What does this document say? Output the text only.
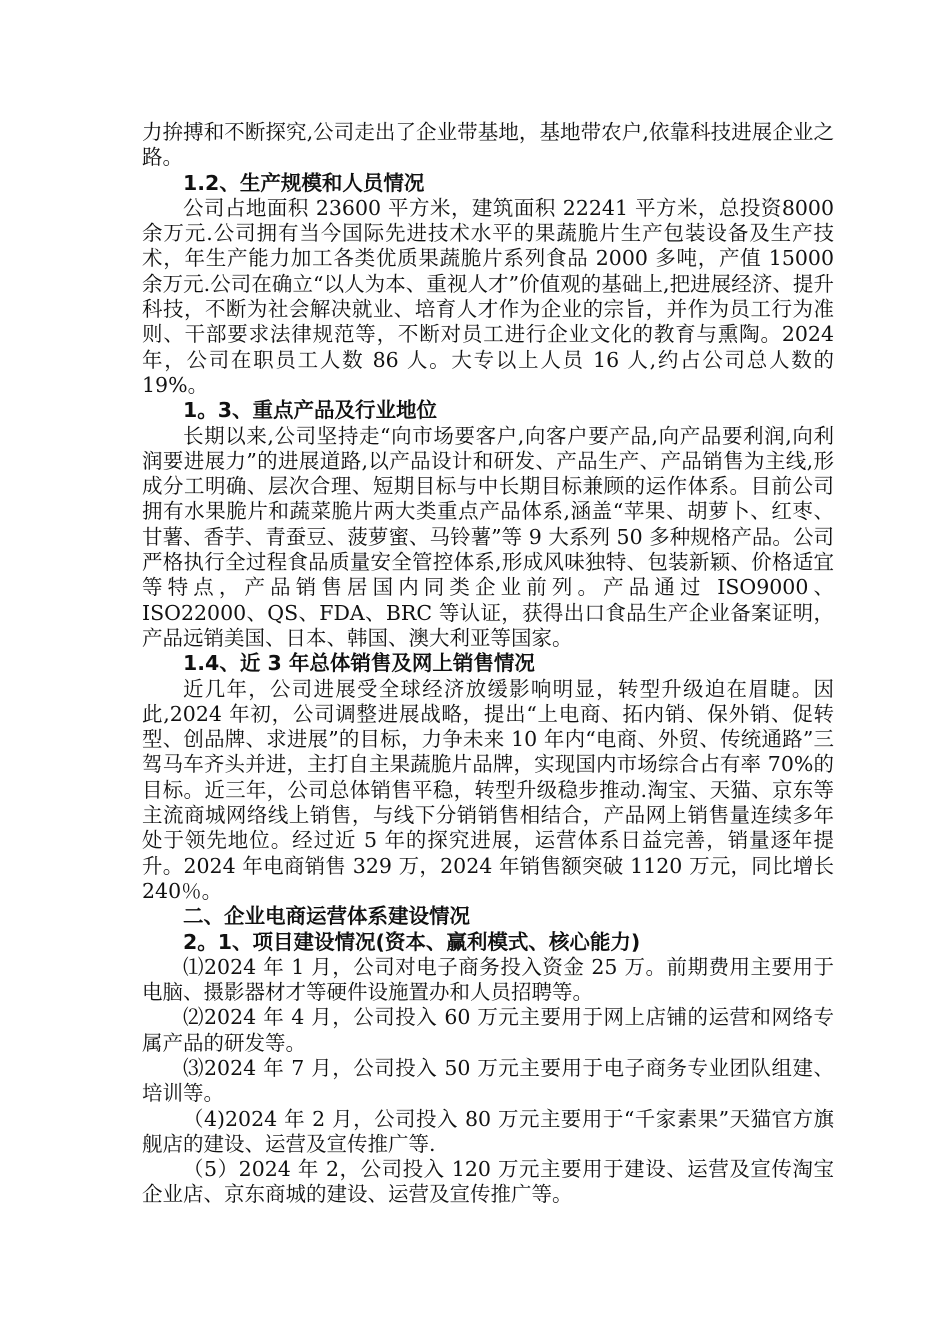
力拚搏和不断探究,公司走出了企业带基地，基地带农户,依靠科技进展企业之路。

1.2、生产规模和人员情况

公司占地面积 23600 平方米，建筑面积 22241 平方米，总投资8000 余万元.公司拥有当今国际先进技术水平的果蔬脆片生产包装设备及生产技术，年生产能力加工各类优质果蔬脆片系列食品 2000 多吨，产值 15000 余万元.公司在确立“以人为本、重视人才”价值观的基础上,把进展经济、提升科技，不断为社会解决就业、培育人才作为企业的宗旨，并作为员工行为准则、干部要求法律规范等，不断对员工进行企业文化的教育与熏陶。2024 年，公司在职员工人数 86 人。大专以上人员 16 人,约占公司总人数的 19%。

1。3、重点产品及行业地位

长期以来,公司坚持走“向市场要客户,向客户要产品,向产品要利润,向利润要进展力”的进展道路,以产品设计和研发、产品生产、产品销售为主线,形成分工明确、层次合理、短期目标与中长期目标兼顾的运作体系。目前公司拥有水果脆片和蔬菜脆片两大类重点产品体系,涵盖“苹果、胡萝卜、红枣、甘薯、香芋、青蚕豆、菠萝蜜、马铃薯”等 9 大系列 50 多种规格产品。公司严格执行全过程食品质量安全管控体系,形成风味独特、包装新颖、价格适宜等特点，产品销售居国内同类企业前列。产品通过 ISO9000、ISO22000、QS、FDA、BRC 等认证，获得出口食品生产企业备案证明，产品远销美国、日本、韩国、澳大利亚等国家。

1.4、近 3 年总体销售及网上销售情况

近几年，公司进展受全球经济放缓影响明显，转型升级迫在眉睫。因此,2024 年初，公司调整进展战略，提出“上电商、拓内销、保外销、促转型、创品牌、求进展”的目标，力争未来 10 年内“电商、外贸、传统通路”三驾马车齐头并进，主打自主果蔬脆片品牌，实现国内市场综合占有率 70%的目标。近三年，公司总体销售平稳，转型升级稳步推动.淘宝、天猫、京东等主流商城网络线上销售，与线下分销销售相结合，产品网上销售量连续多年处于领先地位。经过近 5 年的探究进展，运营体系日益完善，销量逐年提升。2024 年电商销售 329 万，2024 年销售额突破 1120 万元，同比增长 240％。

二、企业电商运营体系建设情况

2。1、项目建设情况(资本、赢利模式、核心能力)

⑴2024 年 1 月，公司对电子商务投入资金 25 万。前期费用主要用于电脑、摄影器材才等硬件设施置办和人员招聘等。

⑵2024 年 4 月，公司投入 60 万元主要用于网上店铺的运营和网络专属产品的研发等。

⑶2024 年 7 月，公司投入 50 万元主要用于电子商务专业团队组建、培训等。

（4)2024 年 2 月，公司投入 80 万元主要用于“千家素果”天猫官方旗舰店的建设、运营及宣传推广等.

（5）2024 年 2，公司投入 120 万元主要用于建设、运营及宣传淘宝企业店、京东商城的建设、运营及宣传推广等。
